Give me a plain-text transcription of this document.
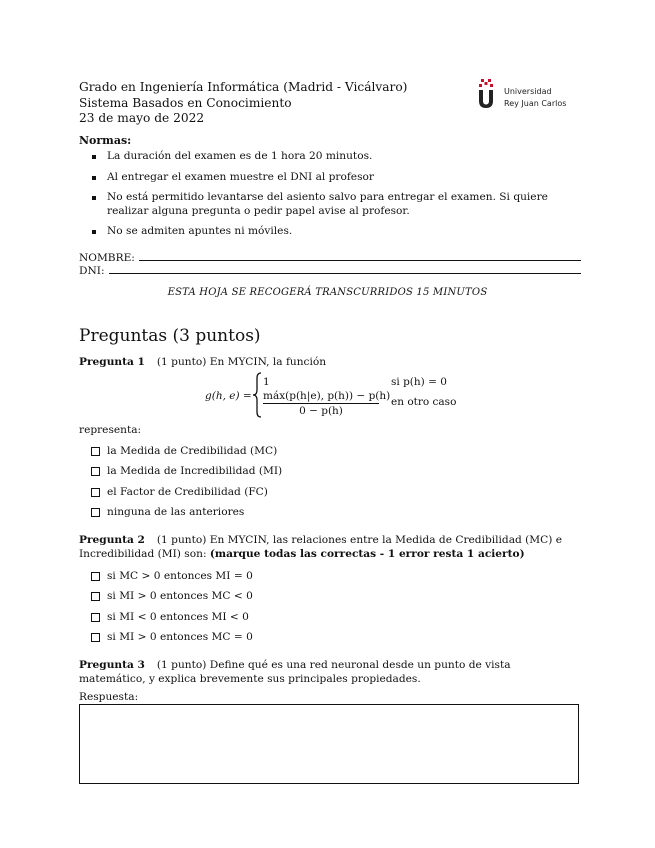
Grado en Ingeniería Informática (Madrid - Vicálvaro)
Sistema Basados en Conocimiento
23 de mayo de 2022
Universidad
Rey Juan Carlos
Normas:
La duración del examen es de 1 hora 20 minutos.
Al entregar el examen muestre el DNI al profesor
No está permitido levantarse del asiento salvo para entregar el examen. Si quiere realizar alguna pregunta o pedir papel avise al profesor.
No se admiten apuntes ni móviles.
NOMBRE:
DNI:
ESTA HOJA SE RECOGERÁ TRANSCURRIDOS 15 MINUTOS
Preguntas (3 puntos)
Pregunta 1 (1 punto) En MYCIN, la función
g(h, e) =
1
máx(p(h|e), p(h)) − p(h)
0 − p(h)
si p(h) = 0
en otro caso
representa:
la Medida de Credibilidad (MC)
la Medida de Incredibilidad (MI)
el Factor de Credibilidad (FC)
ninguna de las anteriores
Pregunta 2 (1 punto) En MYCIN, las relaciones entre la Medida de Credibilidad (MC) e Incredibilidad (MI) son: (marque todas las correctas - 1 error resta 1 acierto)
si MC > 0 entonces MI = 0
si MI > 0 entonces MC < 0
si MI < 0 entonces MI < 0
si MI > 0 entonces MC = 0
Pregunta 3 (1 punto) Define qué es una red neuronal desde un punto de vista matemático, y explica brevemente sus principales propiedades.
Respuesta:
